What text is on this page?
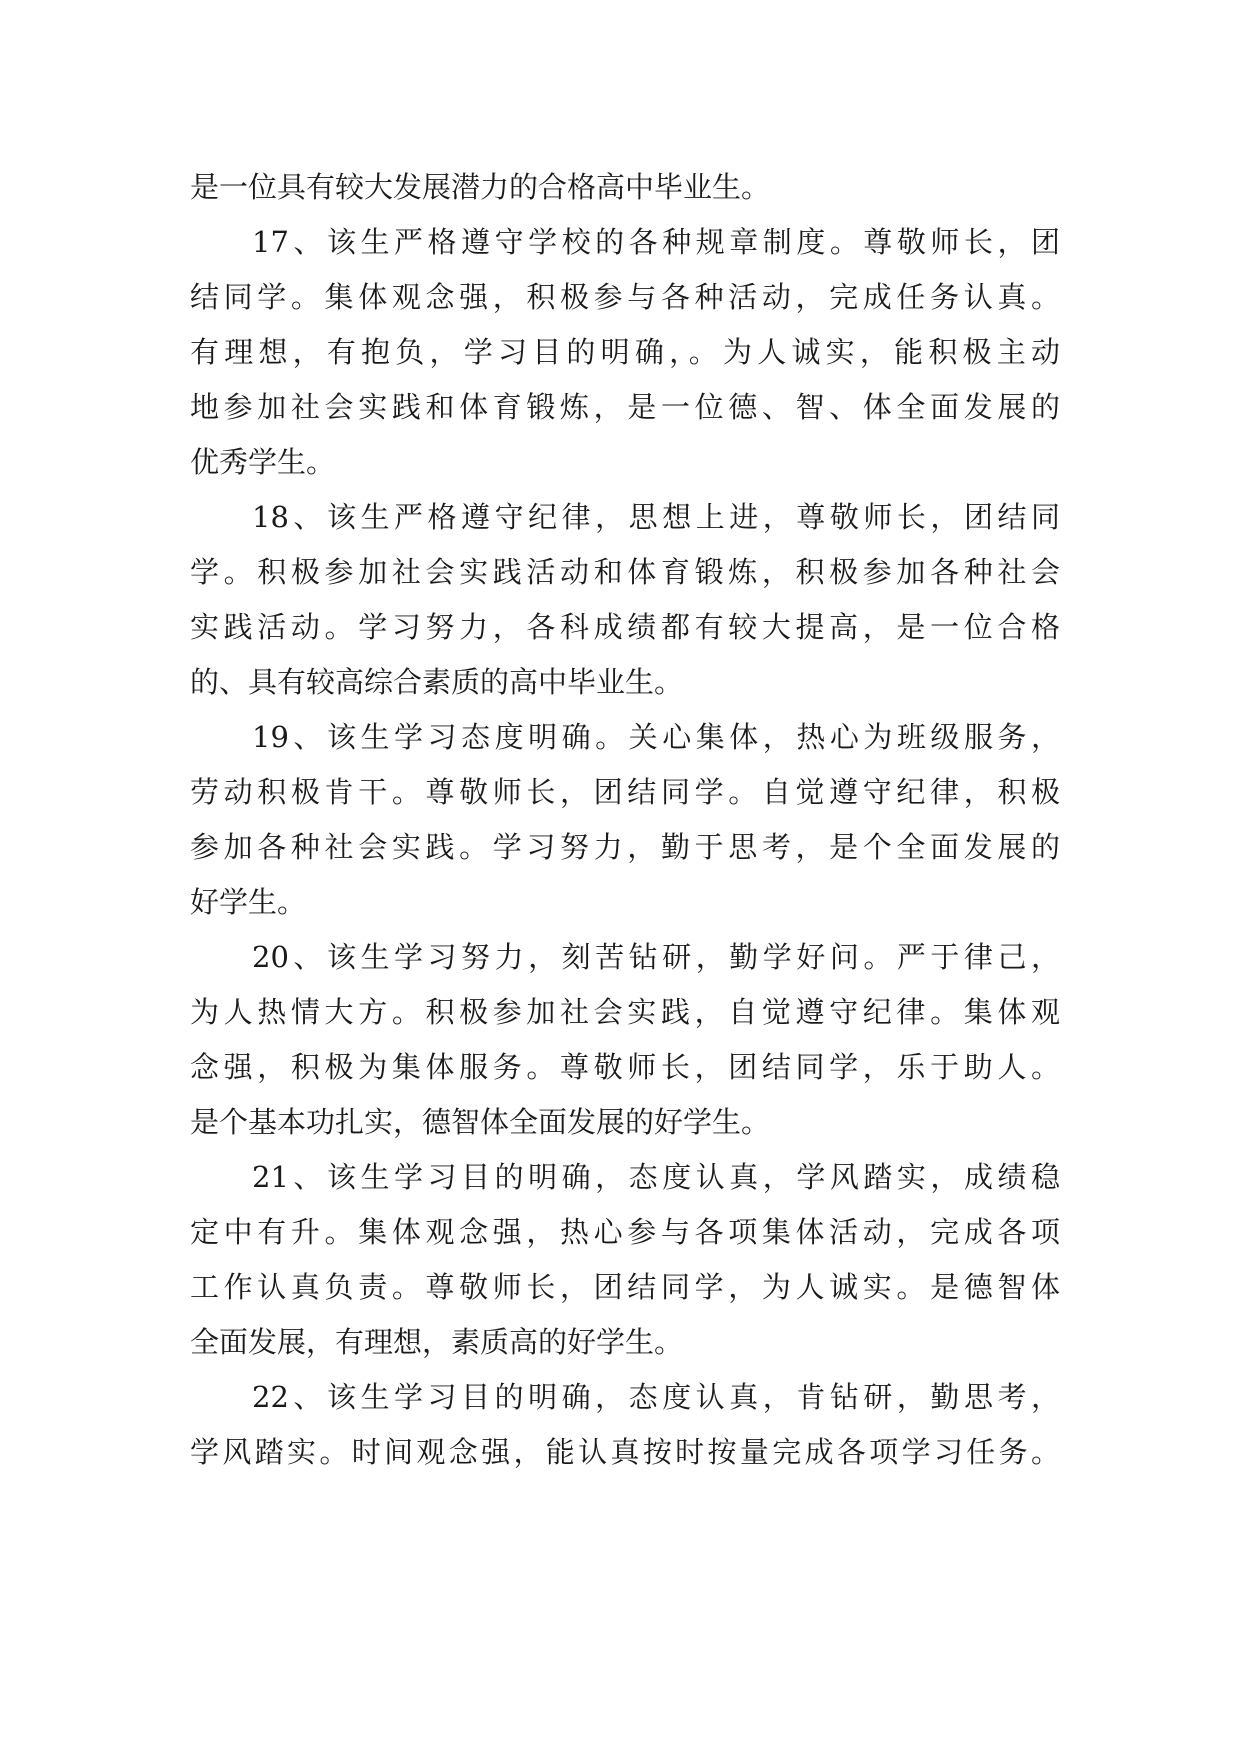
是一位具有较大发展潜力的合格高中毕业生。
17、该生严格遵守学校的各种规章制度。尊敬师长，团
结同学。集体观念强，积极参与各种活动，完成任务认真。
有理想，有抱负，学习目的明确，。为人诚实，能积极主动
地参加社会实践和体育锻炼，是一位德、智、体全面发展的
优秀学生。
18、该生严格遵守纪律，思想上进，尊敬师长，团结同
学。积极参加社会实践活动和体育锻炼，积极参加各种社会
实践活动。学习努力，各科成绩都有较大提高，是一位合格
的、具有较高综合素质的高中毕业生。
19、该生学习态度明确。关心集体，热心为班级服务，
劳动积极肯干。尊敬师长，团结同学。自觉遵守纪律，积极
参加各种社会实践。学习努力，勤于思考，是个全面发展的
好学生。
20、该生学习努力，刻苦钻研，勤学好问。严于律己，
为人热情大方。积极参加社会实践，自觉遵守纪律。集体观
念强，积极为集体服务。尊敬师长，团结同学，乐于助人。
是个基本功扎实，德智体全面发展的好学生。
21、该生学习目的明确，态度认真，学风踏实，成绩稳
定中有升。集体观念强，热心参与各项集体活动，完成各项
工作认真负责。尊敬师长，团结同学，为人诚实。是德智体
全面发展，有理想，素质高的好学生。
22、该生学习目的明确，态度认真，肯钻研，勤思考，
学风踏实。时间观念强，能认真按时按量完成各项学习任务。
